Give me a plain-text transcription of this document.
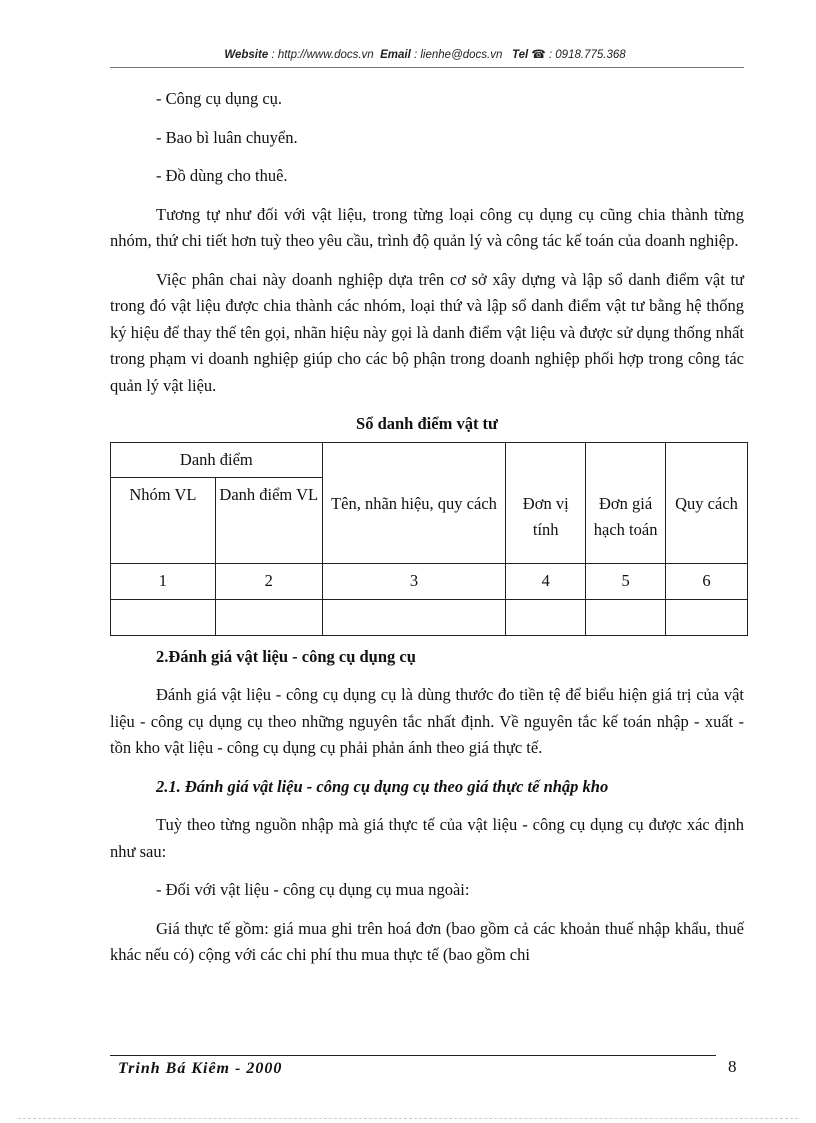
Website : http://www.docs.vn Email : lienhe@docs.vn Tel ☎ : 0918.775.368

- Công cụ dụng cụ.

- Bao bì luân chuyển.

- Đồ dùng cho thuê.

Tương tự như đối với vật liệu, trong từng loại công cụ dụng cụ cũng chia thành từng nhóm, thứ chi tiết hơn tuỳ theo yêu cầu, trình độ quản lý và công tác kế toán của doanh nghiệp.

Việc phân chai này doanh nghiệp dựa trên cơ sở xây dựng và lập sổ danh điểm vật tư trong đó vật liệu được chia thành các nhóm, loại thứ và lập sổ danh điểm vật tư bằng hệ thống ký hiệu để thay thế tên gọi, nhãn hiệu này gọi là danh điểm vật liệu và được sử dụng thống nhất trong phạm vi doanh nghiệp giúp cho các bộ phận trong doanh nghiệp phối hợp trong công tác quản lý vật liệu.

Sổ danh điểm vật tư
Danh điểm		Tên, nhãn hiệu, quy cách	Đơn vị tính	Đơn giá hạch toán	Quy cách
Nhóm VL	Danh điểm VL				
1	2	3	4	5	6

2.Đánh giá vật liệu - công cụ dụng cụ

Đánh giá vật liệu - công cụ dụng cụ là dùng thước đo tiền tệ để biểu hiện giá trị của vật liệu - công cụ dụng cụ theo những nguyên tắc nhất định. Về nguyên tắc kế toán nhập - xuất - tồn kho vật liệu - công cụ dụng cụ phải phản ánh theo giá thực tế.

2.1. Đánh giá vật liệu - công cụ dụng cụ theo giá thực tế nhập kho

Tuỳ theo từng nguồn nhập mà giá thực tế của vật liệu - công cụ dụng cụ được xác định như sau:

- Đối với vật liệu - công cụ dụng cụ mua ngoài:

Giá thực tế gồm: giá mua ghi trên hoá đơn (bao gồm cả các khoản thuế nhập khẩu, thuế khác nếu có) cộng với các chi phí thu mua thực tế (bao gồm chi

Trinh Bá Kiêm - 2000	8
